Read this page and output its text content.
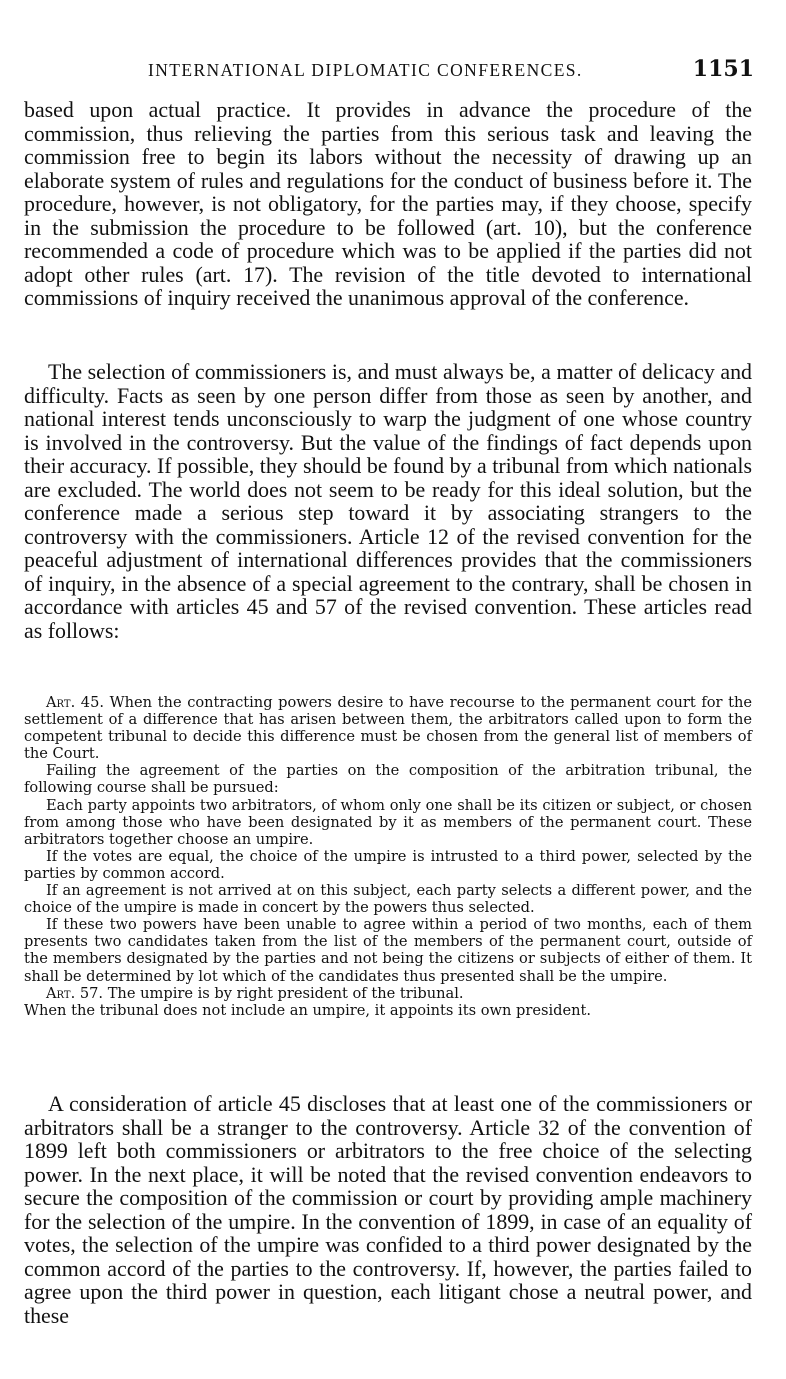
INTERNATIONAL DIPLOMATIC CONFERENCES.	1151

based upon actual practice. It provides in advance the procedure of the commission, thus relieving the parties from this serious task and leaving the commission free to begin its labors without the necessity of drawing up an elaborate system of rules and regulations for the conduct of business before it. The procedure, however, is not obligatory, for the parties may, if they choose, specify in the submission the procedure to be followed (art. 10), but the conference recommended a code of procedure which was to be applied if the parties did not adopt other rules (art. 17). The revision of the title devoted to international commissions of inquiry received the unanimous approval of the conference.

The selection of commissioners is, and must always be, a matter of delicacy and difficulty. Facts as seen by one person differ from those as seen by another, and national interest tends unconsciously to warp the judgment of one whose country is involved in the controversy. But the value of the findings of fact depends upon their accuracy. If possible, they should be found by a tribunal from which nationals are excluded. The world does not seem to be ready for this ideal solution, but the conference made a serious step toward it by associating strangers to the controversy with the commissioners. Article 12 of the revised convention for the peaceful adjustment of international differences provides that the commissioners of inquiry, in the absence of a special agreement to the contrary, shall be chosen in accordance with articles 45 and 57 of the revised convention. These articles read as follows:

Art. 45. When the contracting powers desire to have recourse to the permanent court for the settlement of a difference that has arisen between them, the arbitrators called upon to form the competent tribunal to decide this difference must be chosen from the general list of members of the Court.

Failing the agreement of the parties on the composition of the arbitration tribunal, the following course shall be pursued:

Each party appoints two arbitrators, of whom only one shall be its citizen or subject, or chosen from among those who have been designated by it as members of the permanent court. These arbitrators together choose an umpire.

If the votes are equal, the choice of the umpire is intrusted to a third power, selected by the parties by common accord.

If an agreement is not arrived at on this subject, each party selects a different power, and the choice of the umpire is made in concert by the powers thus selected.

If these two powers have been unable to agree within a period of two months, each of them presents two candidates taken from the list of the members of the permanent court, outside of the members designated by the parties and not being the citizens or subjects of either of them. It shall be determined by lot which of the candidates thus presented shall be the umpire.

Art. 57. The umpire is by right president of the tribunal.

When the tribunal does not include an umpire, it appoints its own president.

A consideration of article 45 discloses that at least one of the commissioners or arbitrators shall be a stranger to the controversy. Article 32 of the convention of 1899 left both commissioners or arbitrators to the free choice of the selecting power. In the next place, it will be noted that the revised convention endeavors to secure the composition of the commission or court by providing ample machinery for the selection of the umpire. In the convention of 1899, in case of an equality of votes, the selection of the umpire was confided to a third power designated by the common accord of the parties to the controversy. If, however, the parties failed to agree upon the third power in question, each litigant chose a neutral power, and these
